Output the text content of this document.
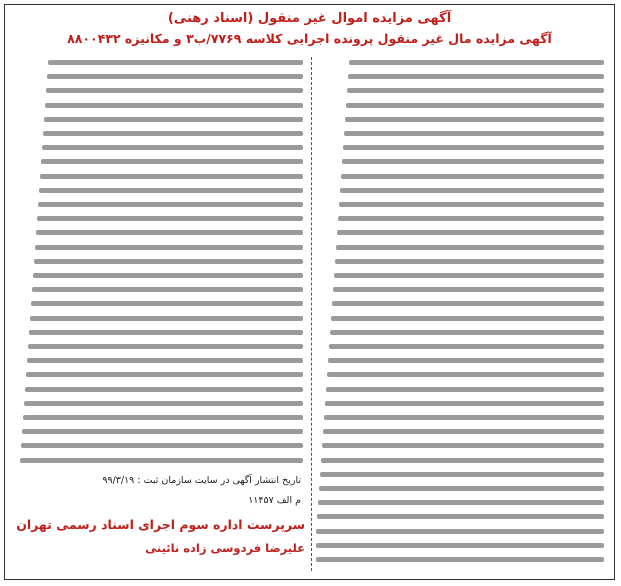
آگهی مزایده اموال غیر منقول (اسناد رهنی)
آگهی مزایده مال غیر منقول پرونده اجرایی کلاسه ۷۷۶۹/ب۳ و مکانیزه ۸۸۰۰۴۳۲
تاریخ انتشار آگهی در سایت سازمان ثبت : ۹۹/۳/۱۹
م الف ۱۱۴۵۷
سرپرست اداره سوم اجرای اسناد رسمی تهران
علیرضا فردوسی زاده نائینی
